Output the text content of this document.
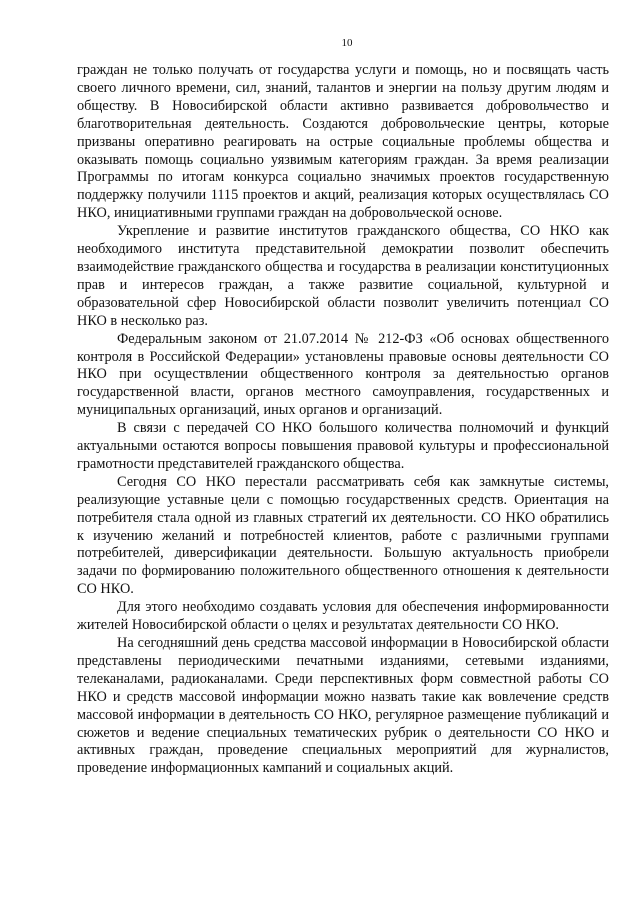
10

граждан не только получать от государства услуги и помощь, но и посвящать часть своего личного времени, сил, знаний, талантов и энергии на пользу другим людям и обществу. В Новосибирской области активно развивается добровольчество и благотворительная деятельность. Создаются добровольческие центры, которые призваны оперативно реагировать на острые социальные проблемы общества и оказывать помощь социально уязвимым категориям граждан. За время реализации Программы по итогам конкурса социально значимых проектов государственную поддержку получили 1115 проектов и акций, реализация которых осуществлялась СО НКО, инициативными группами граждан на добровольческой основе.

Укрепление и развитие институтов гражданского общества, СО НКО как необходимого института представительной демократии позволит обеспечить взаимодействие гражданского общества и государства в реализации конституционных прав и интересов граждан, а также развитие социальной, культурной и образовательной сфер Новосибирской области позволит увеличить потенциал СО НКО в несколько раз.

Федеральным законом от 21.07.2014 № 212-ФЗ «Об основах общественного контроля в Российской Федерации» установлены правовые основы деятельности СО НКО при осуществлении общественного контроля за деятельностью органов государственной власти, органов местного самоуправления, государственных и муниципальных организаций, иных органов и организаций.

В связи с передачей СО НКО большого количества полномочий и функций актуальными остаются вопросы повышения правовой культуры и профессиональной грамотности представителей гражданского общества.

Сегодня СО НКО перестали рассматривать себя как замкнутые системы, реализующие уставные цели с помощью государственных средств. Ориентация на потребителя стала одной из главных стратегий их деятельности. СО НКО обратились к изучению желаний и потребностей клиентов, работе с различными группами потребителей, диверсификации деятельности. Большую актуальность приобрели задачи по формированию положительного общественного отношения к деятельности СО НКО.

Для этого необходимо создавать условия для обеспечения информированности жителей Новосибирской области о целях и результатах деятельности СО НКО.

На сегодняшний день средства массовой информации в Новосибирской области представлены периодическими печатными изданиями, сетевыми изданиями, телеканалами, радиоканалами. Среди перспективных форм совместной работы СО НКО и средств массовой информации можно назвать такие как вовлечение средств массовой информации в деятельность СО НКО, регулярное размещение публикаций и сюжетов и ведение специальных тематических рубрик о деятельности СО НКО и активных граждан, проведение специальных мероприятий для журналистов, проведение информационных кампаний и социальных акций.
